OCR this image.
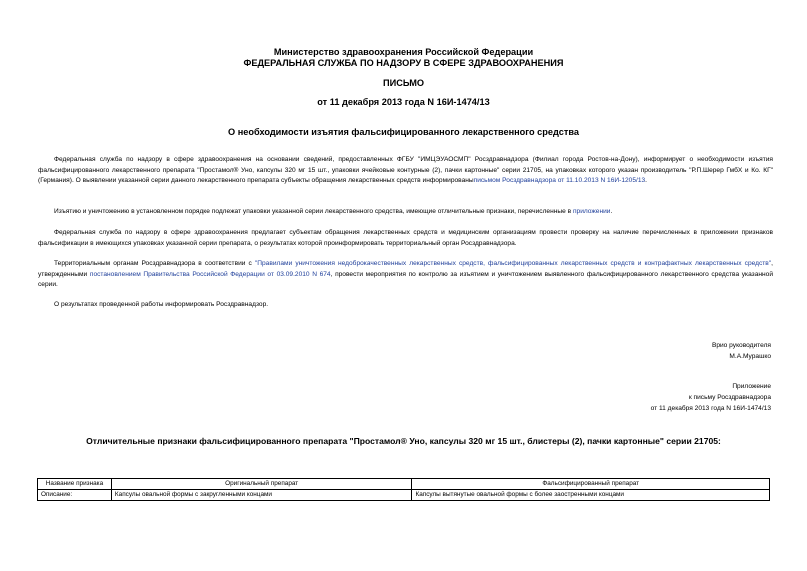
Министерство здравоохранения Российской Федерации
ФЕДЕРАЛЬНАЯ СЛУЖБА ПО НАДЗОРУ В СФЕРЕ ЗДРАВООХРАНЕНИЯ
ПИСЬМО
от 11 декабря 2013 года N 16И-1474/13
О необходимости изъятия фальсифицированного лекарственного средства
Федеральная служба по надзору в сфере здравоохранения на основании сведений, предоставленных ФГБУ "ИМЦЭУАОСМП" Росздравнадзора (Филиал города Ростов-на-Дону), информирует о необходимости изъятия фальсифицированного лекарственного препарата "Простамол® Уно, капсулы 320 мг 15 шт., упаковки ячейковые контурные (2), пачки картонные" серии 21705, на упаковках которого указан производитель "Р.П.Шерер ГмбХ и Ко. КГ" (Германия). О выявлении указанной серии данного лекарственного препарата субъекты обращения лекарственных средств информированыписьмом Росздравнадзора от 11.10.2013 N 16И-1205/13.
Изъятию и уничтожению в установленном порядке подлежат упаковки указанной серии лекарственного средства, имеющие отличительные признаки, перечисленные в приложении.
Федеральная служба по надзору в сфере здравоохранения предлагает субъектам обращения лекарственных средств и медицинским организациям провести проверку на наличие перечисленных в приложении признаков фальсификации в имеющихся упаковках указанной серии препарата, о результатах которой проинформировать территориальный орган Росздравнадзора.
Территориальным органам Росздравнадзора в соответствии с "Правилами уничтожения недоброкачественных лекарственных средств, фальсифицированных лекарственных средств и контрафактных лекарственных средств", утвержденными постановлением Правительства Российской Федерации от 03.09.2010 N 674, провести мероприятия по контролю за изъятием и уничтожением выявленного фальсифицированного лекарственного средства указанной серии.
О результатах проведенной работы информировать Росздравнадзор.
Врио руководителя
М.А.Мурашко
Приложение
к письму Росздравнадзора
от 11 декабря 2013 года N 16И-1474/13
Отличительные признаки фальсифицированного препарата "Простамол® Уно, капсулы 320 мг 15 шт., блистеры (2), пачки картонные" серии 21705:
Название признака	Оригинальный препарат	Фальсифицированный препарат
Описание:	Капсулы овальной формы с закругленными концами	Капсулы вытянутые овальной формы с более заостренными концами
